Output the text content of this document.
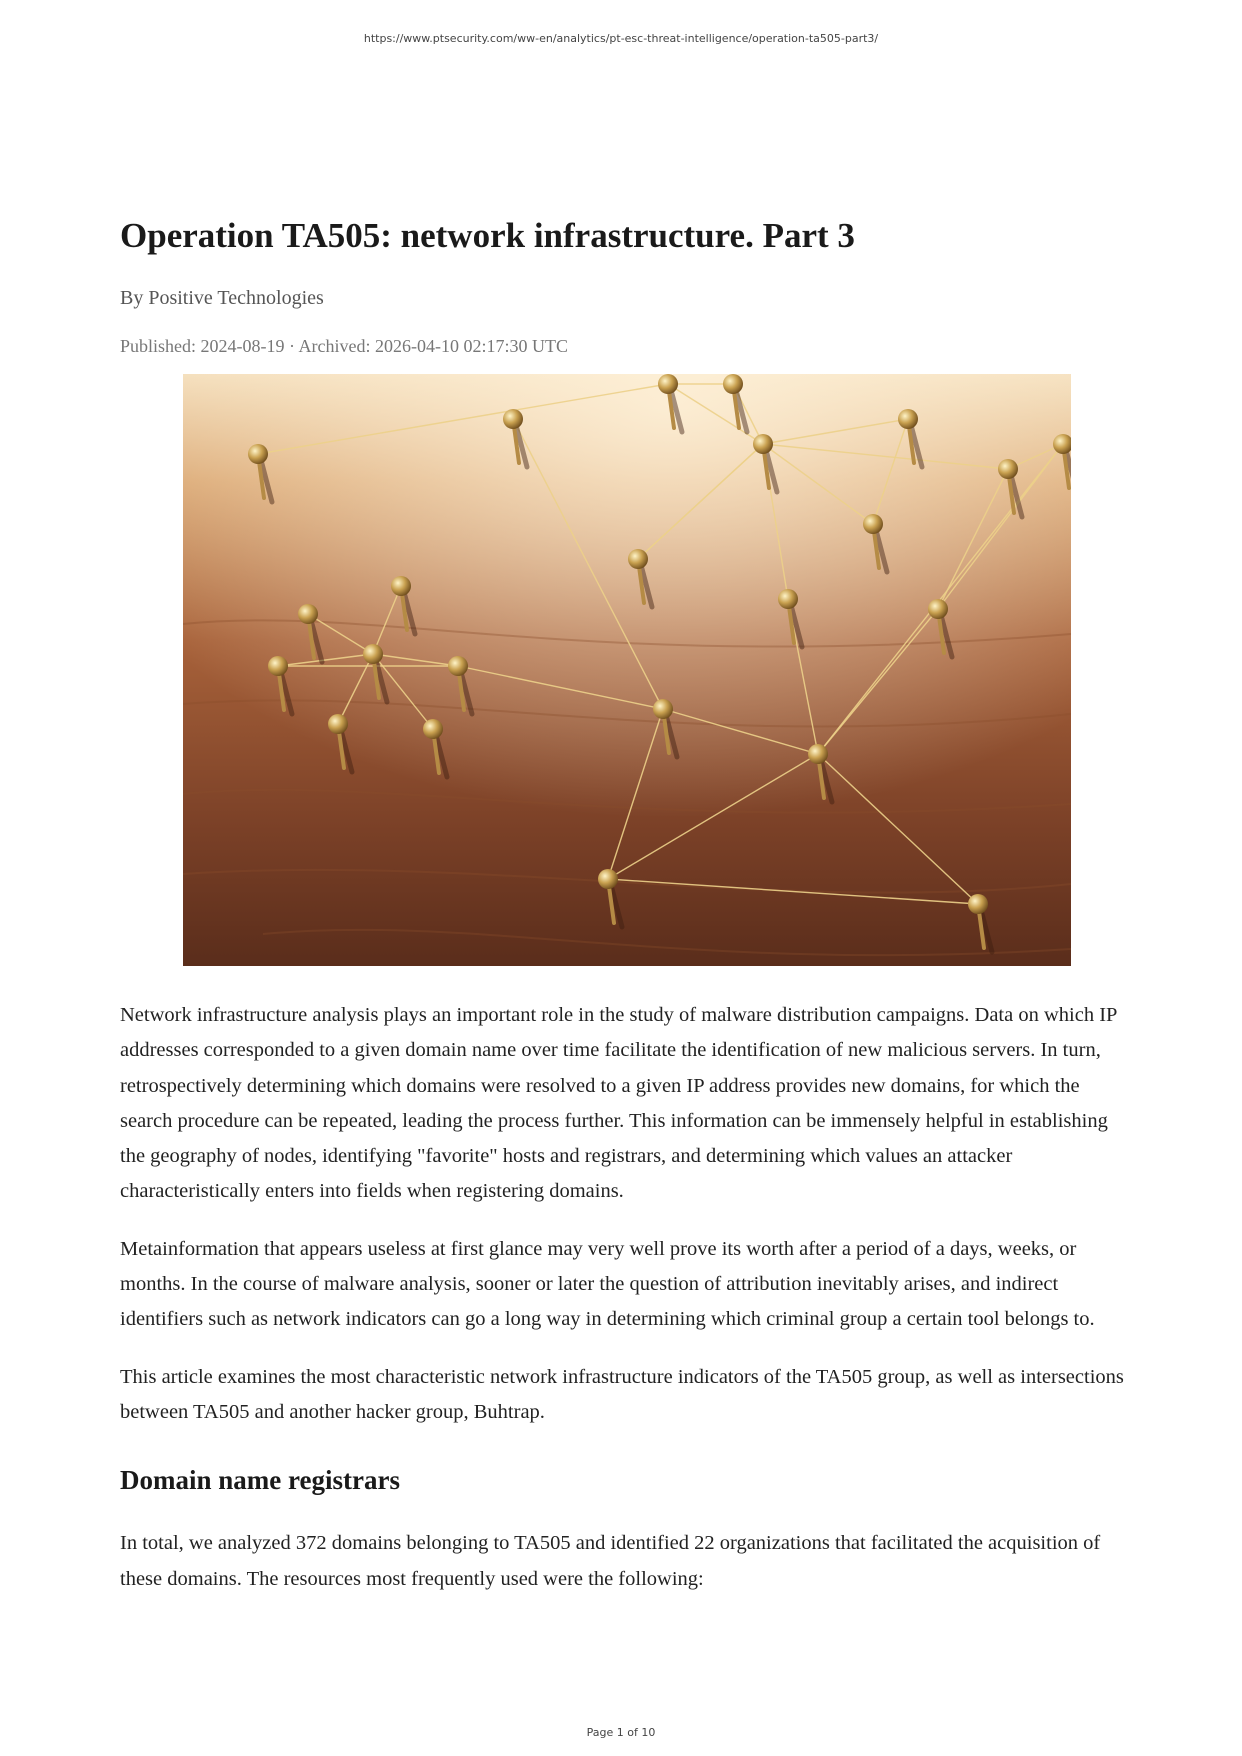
https://www.ptsecurity.com/ww-en/analytics/pt-esc-threat-intelligence/operation-ta505-part3/
Operation TA505: network infrastructure. Part 3
By Positive Technologies
Published: 2024-08-19 · Archived: 2026-04-10 02:17:30 UTC

Network infrastructure analysis plays an important role in the study of malware distribution campaigns. Data on which IP addresses corresponded to a given domain name over time facilitate the identification of new malicious servers. In turn, retrospectively determining which domains were resolved to a given IP address provides new domains, for which the search procedure can be repeated, leading the process further. This information can be immensely helpful in establishing the geography of nodes, identifying "favorite" hosts and registrars, and determining which values an attacker characteristically enters into fields when registering domains.

Metainformation that appears useless at first glance may very well prove its worth after a period of a days, weeks, or months. In the course of malware analysis, sooner or later the question of attribution inevitably arises, and indirect identifiers such as network indicators can go a long way in determining which criminal group a certain tool belongs to.

This article examines the most characteristic network infrastructure indicators of the TA505 group, as well as intersections between TA505 and another hacker group, Buhtrap.

Domain name registrars

In total, we analyzed 372 domains belonging to TA505 and identified 22 organizations that facilitated the acquisition of these domains. The resources most frequently used were the following:

Page 1 of 10
